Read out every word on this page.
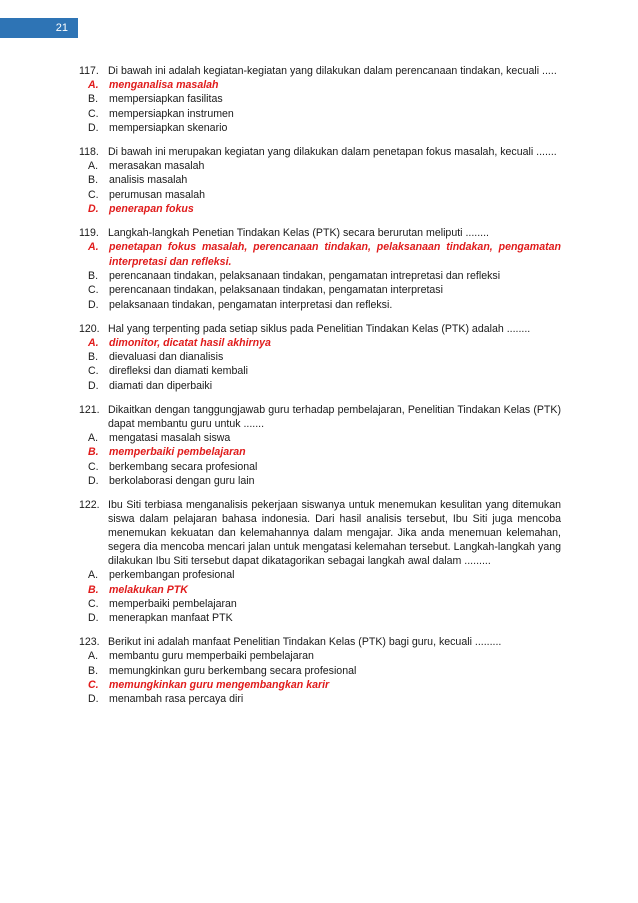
21
117. Di bawah ini adalah kegiatan-kegiatan yang dilakukan dalam perencanaan tindakan, kecuali .....
A. menganalisa masalah
B.	mempersiapkan fasilitas
C. mempersiapkan instrumen
D. mempersiapkan skenario
118. Di bawah ini merupakan kegiatan yang dilakukan dalam penetapan fokus masalah, kecuali .......
A.	merasakan masalah
B.	analisis masalah
C. perumusan masalah
D. penerapan fokus
119. Langkah-langkah Penetian Tindakan Kelas (PTK) secara berurutan meliputi ........
A. penetapan fokus masalah, perencanaan tindakan, pelaksanaan tindakan, pengamatan interpretasi dan refleksi.
B.	perencanaan tindakan, pelaksanaan tindakan, pengamatan intrepretasi dan refleksi
C. perencanaan tindakan, pelaksanaan tindakan, pengamatan interpretasi
D. pelaksanaan tindakan, pengamatan interpretasi dan refleksi.
120. Hal yang terpenting pada setiap siklus pada Penelitian Tindakan Kelas (PTK) adalah ........
A. dimonitor, dicatat hasil akhirnya
B.	dievaluasi dan dianalisis
C. direfleksi dan diamati kembali
D. diamati dan diperbaiki
121. Dikaitkan dengan tanggungjawab guru terhadap pembelajaran, Penelitian Tindakan Kelas (PTK) dapat membantu guru untuk .......
A.	mengatasi masalah siswa
B. memperbaiki pembelajaran
C. berkembang secara profesional
D. berkolaborasi dengan guru lain
122. Ibu Siti terbiasa menganalisis pekerjaan siswanya untuk menemukan kesulitan yang ditemukan siswa dalam pelajaran bahasa indonesia. Dari hasil analisis tersebut, Ibu Siti juga mencoba menemukan kekuatan dan kelemahannya dalam mengajar. Jika anda menemuan kelemahan, segera dia mencoba mencari jalan untuk mengatasi kelemahan tersebut. Langkah-langkah yang dilakukan Ibu Siti tersebut dapat dikatagorikan sebagai langkah awal dalam .........
A.	perkembangan profesional
B. melakukan PTK
C. memperbaiki pembelajaran
D. menerapkan manfaat PTK
123. Berikut ini adalah manfaat Penelitian Tindakan Kelas (PTK) bagi guru, kecuali .........
A.	membantu guru memperbaiki pembelajaran
B.	memungkinkan guru berkembang secara profesional
C. memungkinkan guru mengembangkan karir
D. menambah rasa percaya diri
